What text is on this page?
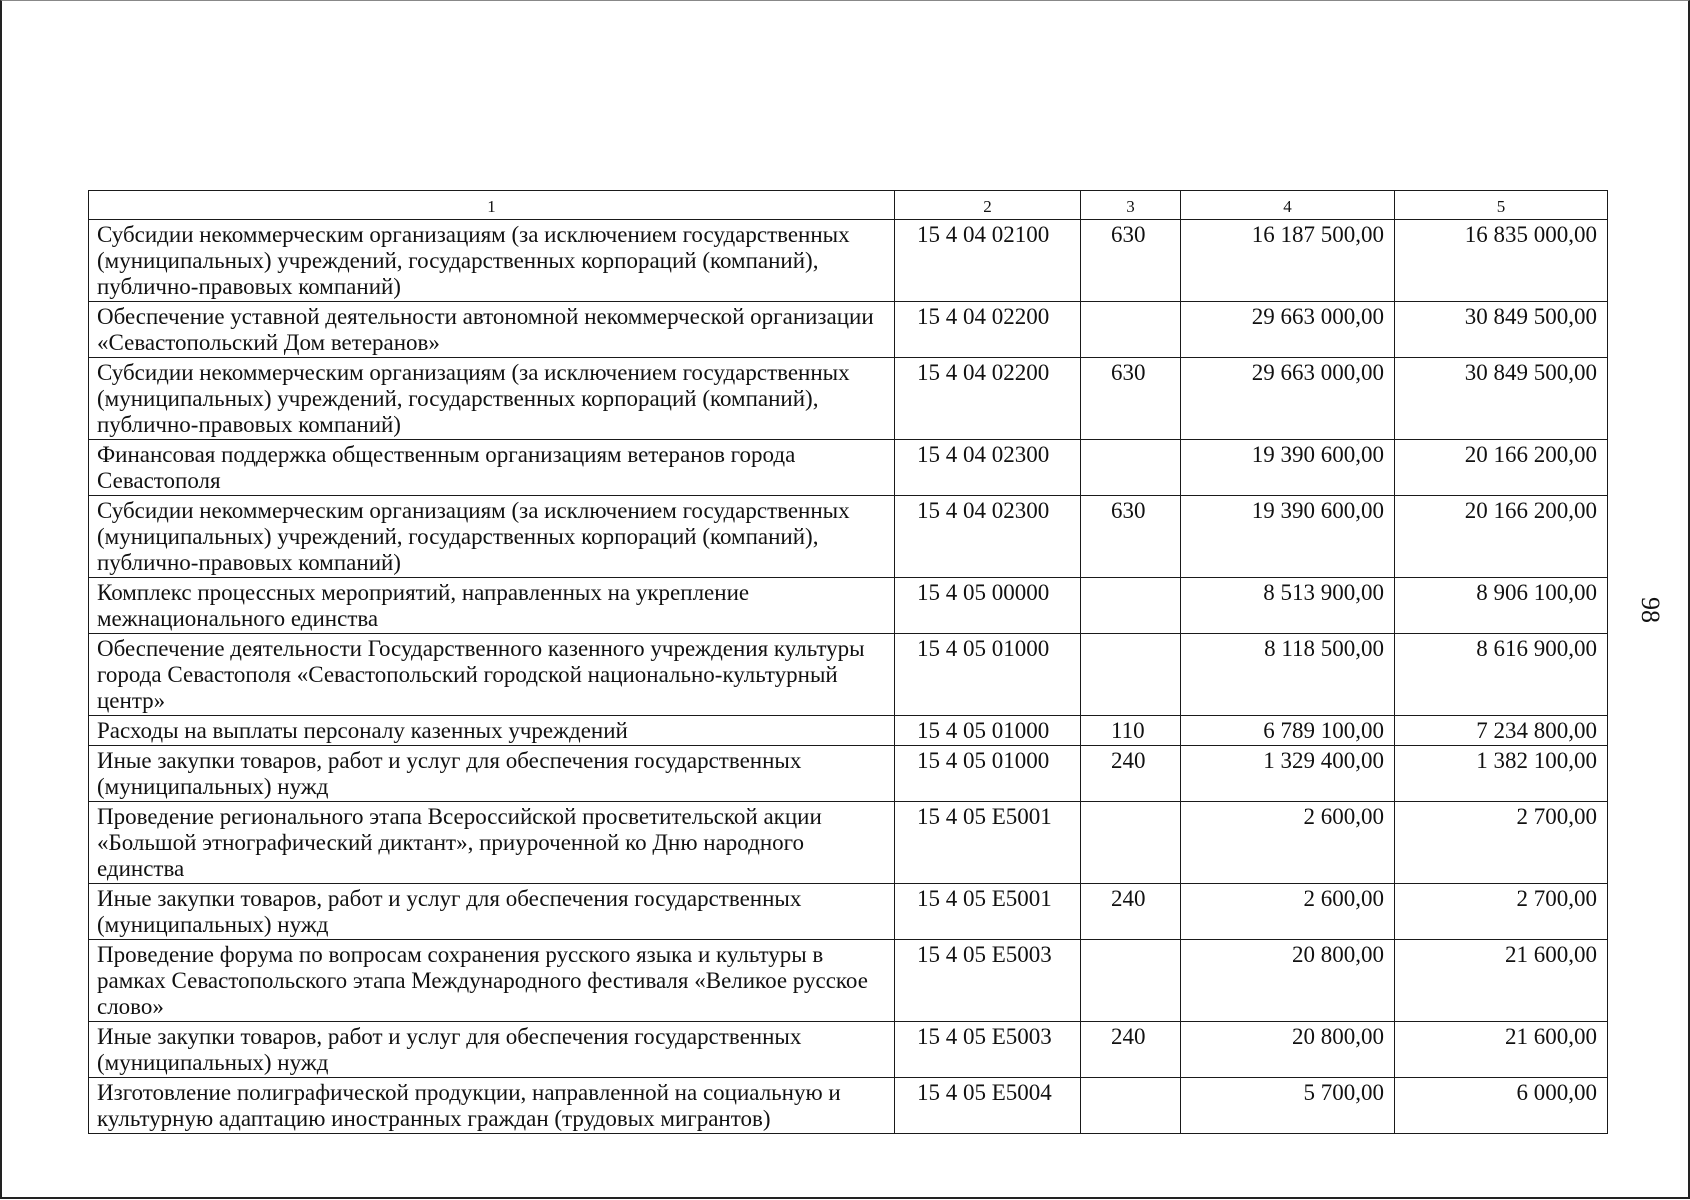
1	2	3	4	5
Субсидии некоммерческим организациям (за исключением государственных (муниципальных) учреждений, государственных корпораций (компаний), публично-правовых компаний)	15 4 04 02100	630	16 187 500,00	16 835 000,00
Обеспечение уставной деятельности автономной некоммерческой организации «Севастопольский Дом ветеранов»	15 4 04 02200		29 663 000,00	30 849 500,00
Субсидии некоммерческим организациям (за исключением государственных (муниципальных) учреждений, государственных корпораций (компаний), публично-правовых компаний)	15 4 04 02200	630	29 663 000,00	30 849 500,00
Финансовая поддержка общественным организациям ветеранов города Севастополя	15 4 04 02300		19 390 600,00	20 166 200,00
Субсидии некоммерческим организациям (за исключением государственных (муниципальных) учреждений, государственных корпораций (компаний), публично-правовых компаний)	15 4 04 02300	630	19 390 600,00	20 166 200,00
Комплекс процессных мероприятий, направленных на укрепление межнационального единства	15 4 05 00000		8 513 900,00	8 906 100,00
Обеспечение деятельности Государственного казенного учреждения культуры города Севастополя «Севастопольский городской национально-культурный центр»	15 4 05 01000		8 118 500,00	8 616 900,00
Расходы на выплаты персоналу казенных учреждений	15 4 05 01000	110	6 789 100,00	7 234 800,00
Иные закупки товаров, работ и услуг для обеспечения государственных (муниципальных) нужд	15 4 05 01000	240	1 329 400,00	1 382 100,00
Проведение регионального этапа Всероссийской просветительской акции «Большой этнографический диктант», приуроченной ко Дню народного единства	15 4 05 E5001		2 600,00	2 700,00
Иные закупки товаров, работ и услуг для обеспечения государственных (муниципальных) нужд	15 4 05 E5001	240	2 600,00	2 700,00
Проведение форума по вопросам сохранения русского языка и культуры в рамках Севастопольского этапа Международного фестиваля «Великое русское слово»	15 4 05 E5003		20 800,00	21 600,00
Иные закупки товаров, работ и услуг для обеспечения государственных (муниципальных) нужд	15 4 05 E5003	240	20 800,00	21 600,00
Изготовление полиграфической продукции, направленной на социальную и культурную адаптацию иностранных граждан (трудовых мигрантов)	15 4 05 E5004		5 700,00	6 000,00
98
